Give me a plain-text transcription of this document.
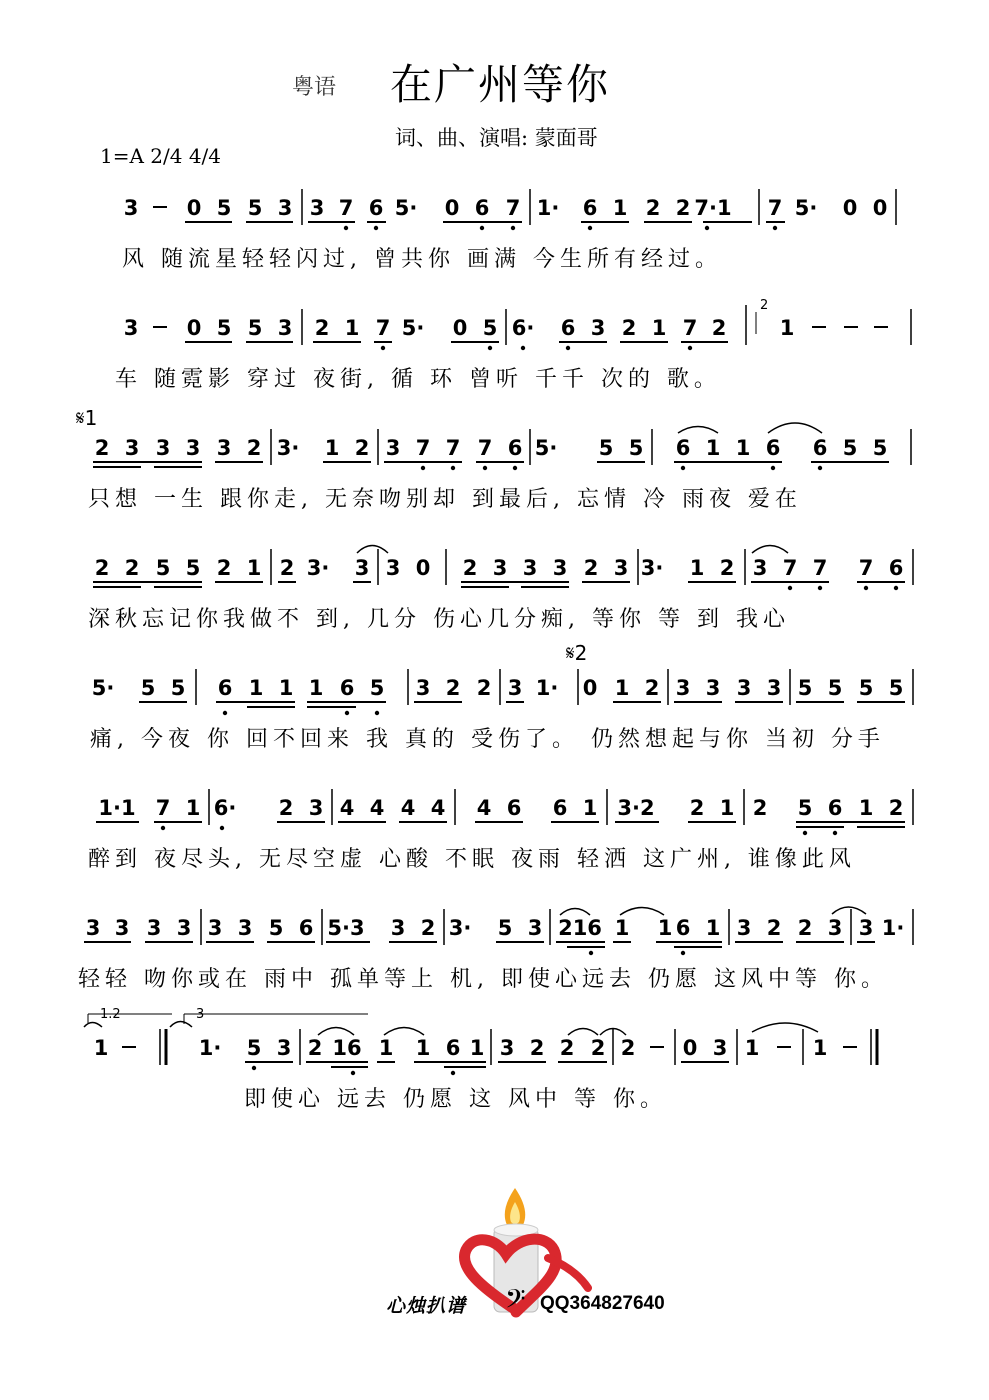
粤语 在广州等你
词、曲、演唱: 蒙面哥
1=A 2/4 4/4
3 0 5 5 3 3 7 6 5· 0 6 7 1· 6 1 2 2 7·1 7 5· 0 0
3 0 5 5 3 2 1 7 5· 0 5 6· 6 3 2 1 7 2
2
1
𝄋1
2 3 3 3 3 2 3· 1 2 3 7 7 7 6 5· 5 5 6 1 1 6 6 5 5
2 2 5 5 2 1 2 3· 3 3 0 2 3 3 3 2 3 3· 1 2 3 7 7 7 6
5· 5 5 6 1 1 1 6 5 3 2 2 3 1·
𝄋2
0 1 2 3 3 3 3 5 5 5 5
1·1 7 1 6· 2 3 4 4 4 4 4 6 6 1 3·2 2 1 2 5 6 1 2
3 3 3 3 3 3 5 6 5·3 3 2 3· 5 3 216 1 1 6 1 3 2 2 3 3 1·
1.2	3
1	1· 5 3 2 16 1 1 6 1 3 2 2 2 2 0 3 1	1
风 随流星轻轻闪过, 曾共你 画满 今生所有经过。
车 随霓影 穿过 夜街, 循 环 曾听 千千 次的 歌。
只想 一生 跟你走, 无奈吻别却 到最后, 忘情 冷 雨夜 爱在
深秋忘记你我做不 到, 几分 伤心几分痴, 等你 等 到 我心
痛, 今夜 你 回不回来 我 真的 受伤了。 仍然想起与你 当初 分手
醉到 夜尽头, 无尽空虚 心酸 不眠 夜雨 轻洒 这广州, 谁像此风
轻轻 吻你或在 雨中 孤单等上 机, 即使心远去 仍愿 这风中等 你。
即使心 远去 仍愿 这 风中 等 你。
𝄢
心烛扒谱	QQ364827640
